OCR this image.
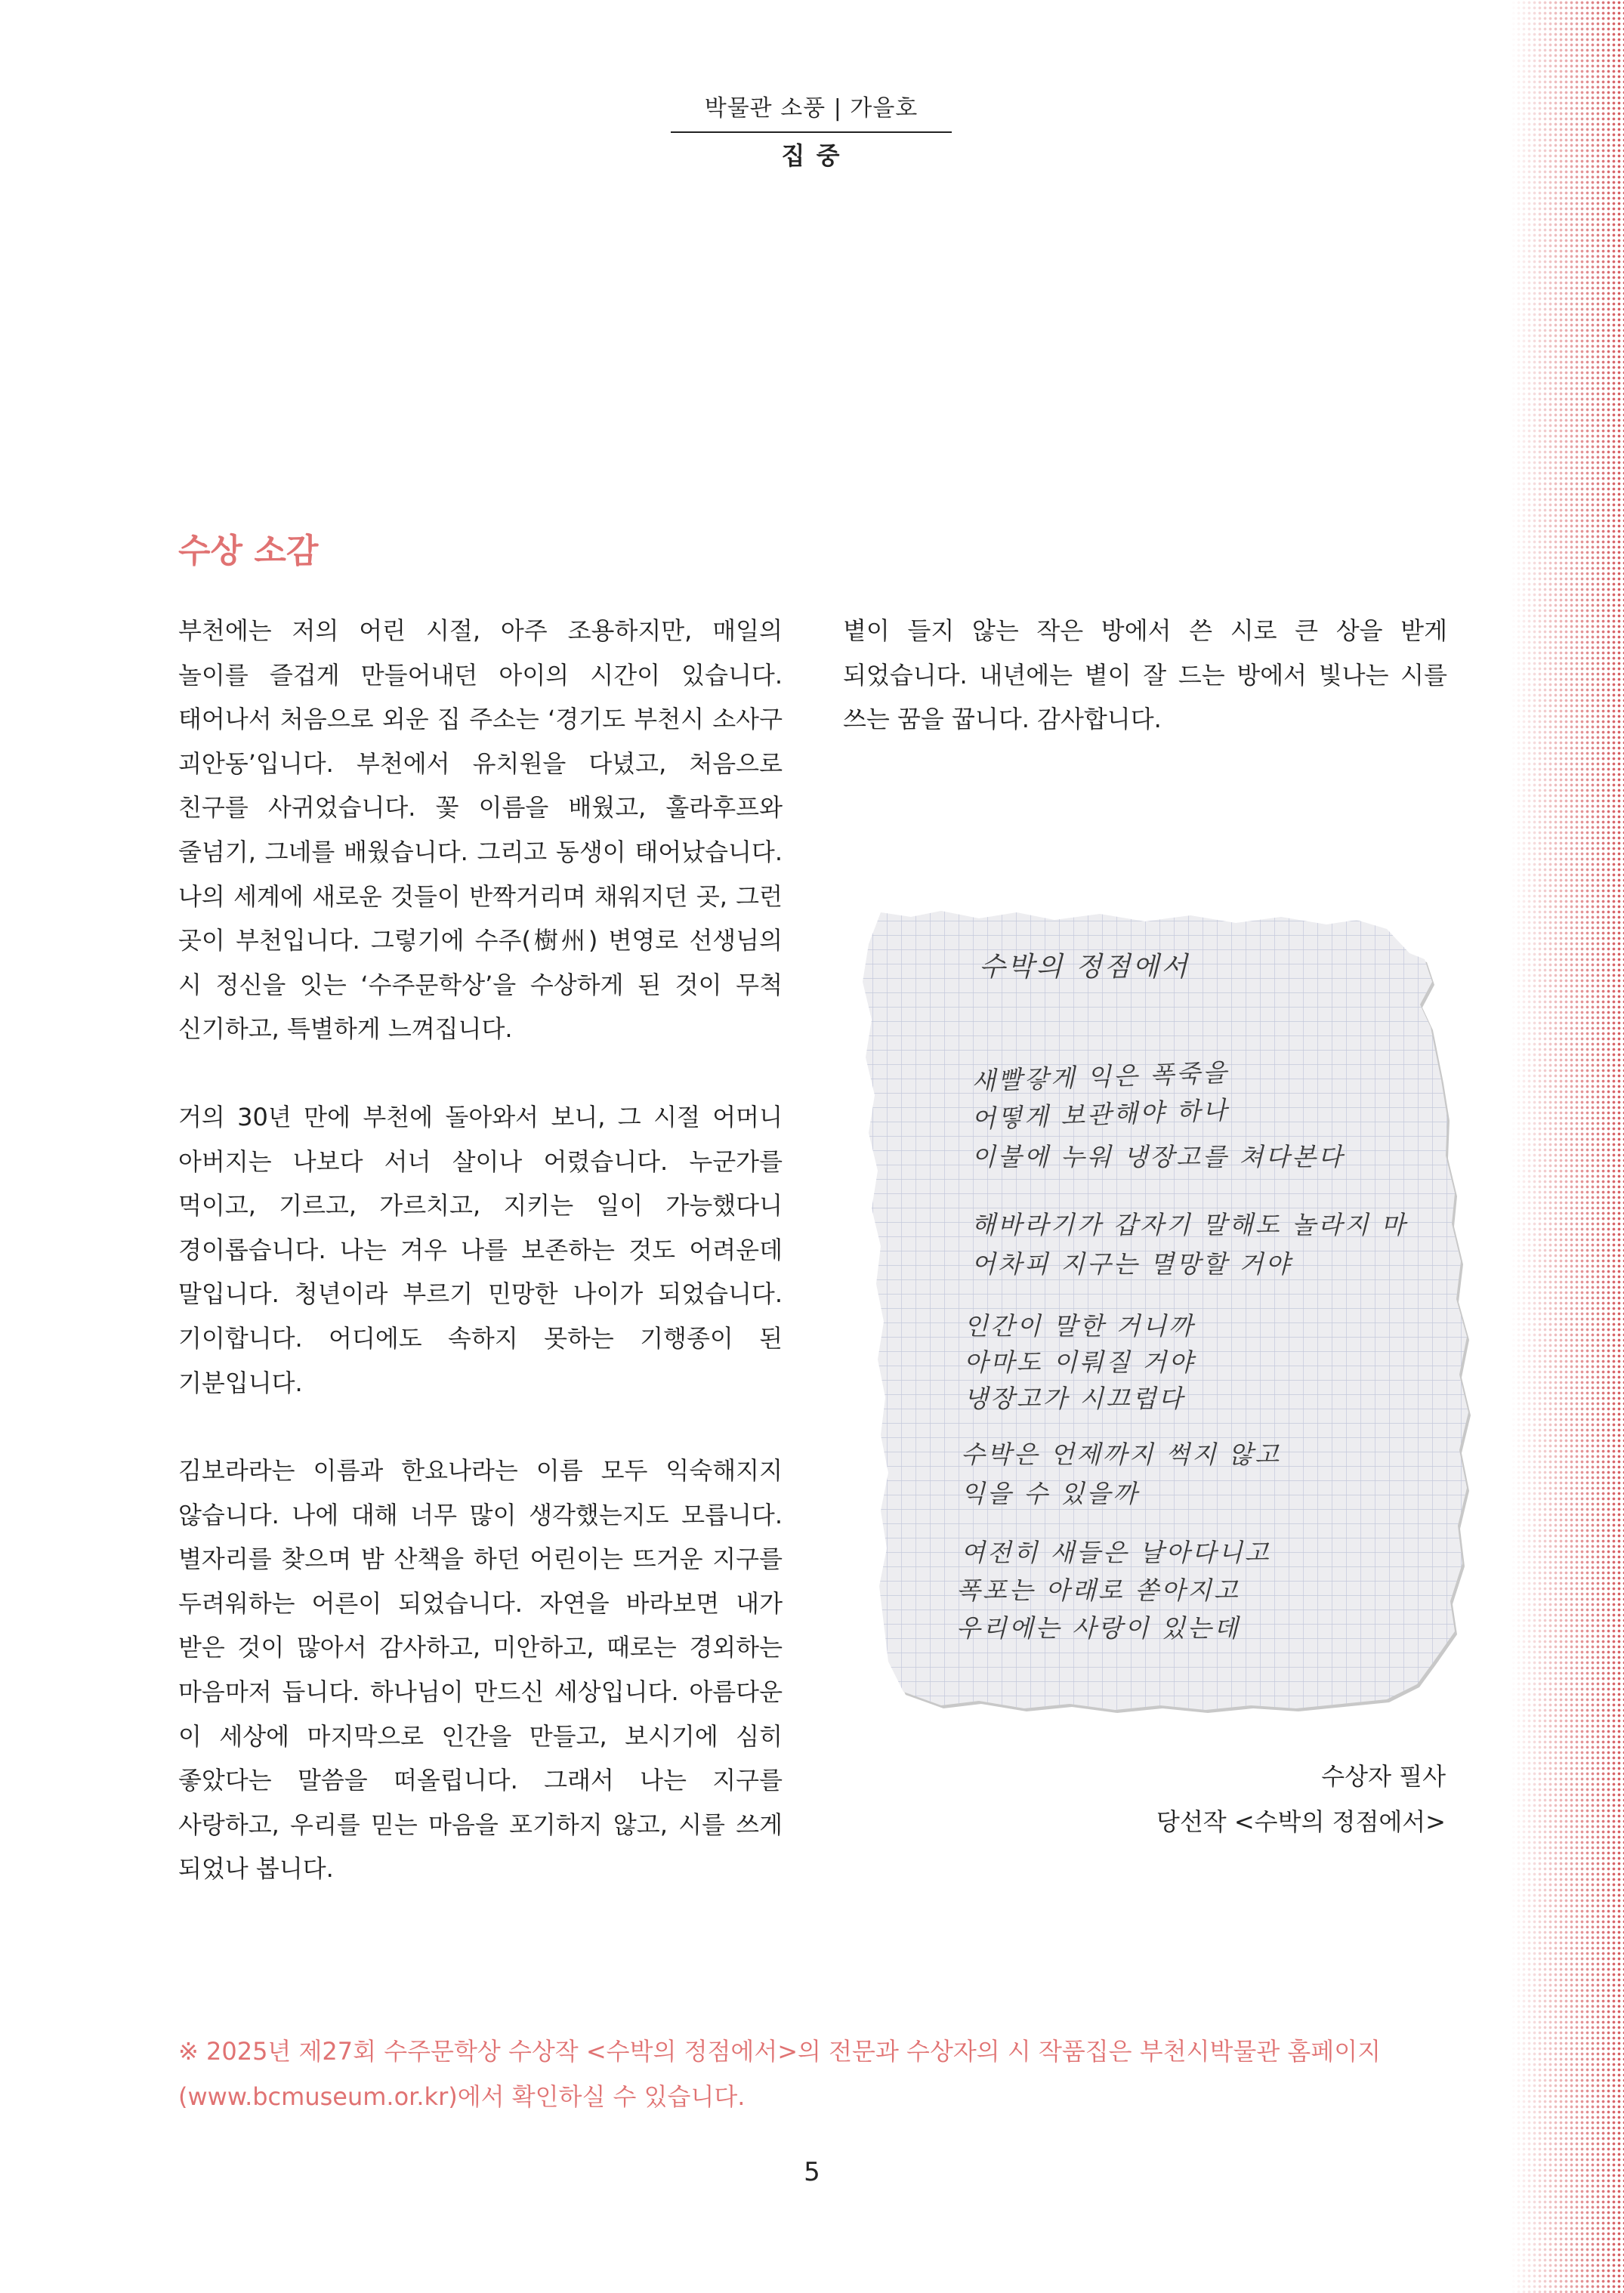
박물관 소풍 | 가을호
집 중
수상 소감

부천에는 저의 어린 시절, 아주 조용하지만, 매일의 놀이를 즐겁게 만들어내던 아이의 시간이 있습니다. 태어나서 처음으로 외운 집 주소는 ‘경기도 부천시 소사구 괴안동’입니다. 부천에서 유치원을 다녔고, 처음으로 친구를 사귀었습니다. 꽃 이름을 배웠고, 훌라후프와 줄넘기, 그네를 배웠습니다. 그리고 동생이 태어났습니다. 나의 세계에 새로운 것들이 반짝거리며 채워지던 곳, 그런 곳이 부천입니다. 그렇기에 수주(樹州) 변영로 선생님의 시 정신을 잇는 ‘수주문학상’을 수상하게 된 것이 무척 신기하고, 특별하게 느껴집니다.

거의 30년 만에 부천에 돌아와서 보니, 그 시절 어머니 아버지는 나보다 서너 살이나 어렸습니다. 누군가를 먹이고, 기르고, 가르치고, 지키는 일이 가능했다니 경이롭습니다. 나는 겨우 나를 보존하는 것도 어려운데 말입니다. 청년이라 부르기 민망한 나이가 되었습니다. 기이합니다. 어디에도 속하지 못하는 기행종이 된 기분입니다.

김보라라는 이름과 한요나라는 이름 모두 익숙해지지 않습니다. 나에 대해 너무 많이 생각했는지도 모릅니다. 별자리를 찾으며 밤 산책을 하던 어린이는 뜨거운 지구를 두려워하는 어른이 되었습니다. 자연을 바라보면 내가 받은 것이 많아서 감사하고, 미안하고, 때로는 경외하는 마음마저 듭니다. 하나님이 만드신 세상입니다. 아름다운 이 세상에 마지막으로 인간을 만들고, 보시기에 심히 좋았다는 말씀을 떠올립니다. 그래서 나는 지구를 사랑하고, 우리를 믿는 마음을 포기하지 않고, 시를 쓰게 되었나 봅니다.

볕이 들지 않는 작은 방에서 쓴 시로 큰 상을 받게 되었습니다. 내년에는 볕이 잘 드는 방에서 빛나는 시를 쓰는 꿈을 꿉니다. 감사합니다.

수박의 정점에서
새빨갛게 익은 폭죽을
어떻게 보관해야 하나
이불에 누워 냉장고를 쳐다본다
해바라기가 갑자기 말해도 놀라지 마
어차피 지구는 멸망할 거야
인간이 말한 거니까
아마도 이뤄질 거야
냉장고가 시끄럽다
수박은 언제까지 썩지 않고
익을 수 있을까
여전히 새들은 날아다니고
폭포는 아래로 쏟아지고
우리에는 사랑이 있는데
수상자 필사
당선작 <수박의 정점에서>
※ 2025년 제27회 수주문학상 수상작 <수박의 정점에서>의 전문과 수상자의 시 작품집은 부천시박물관 홈페이지(www.bcmuseum.or.kr)에서 확인하실 수 있습니다.
5
